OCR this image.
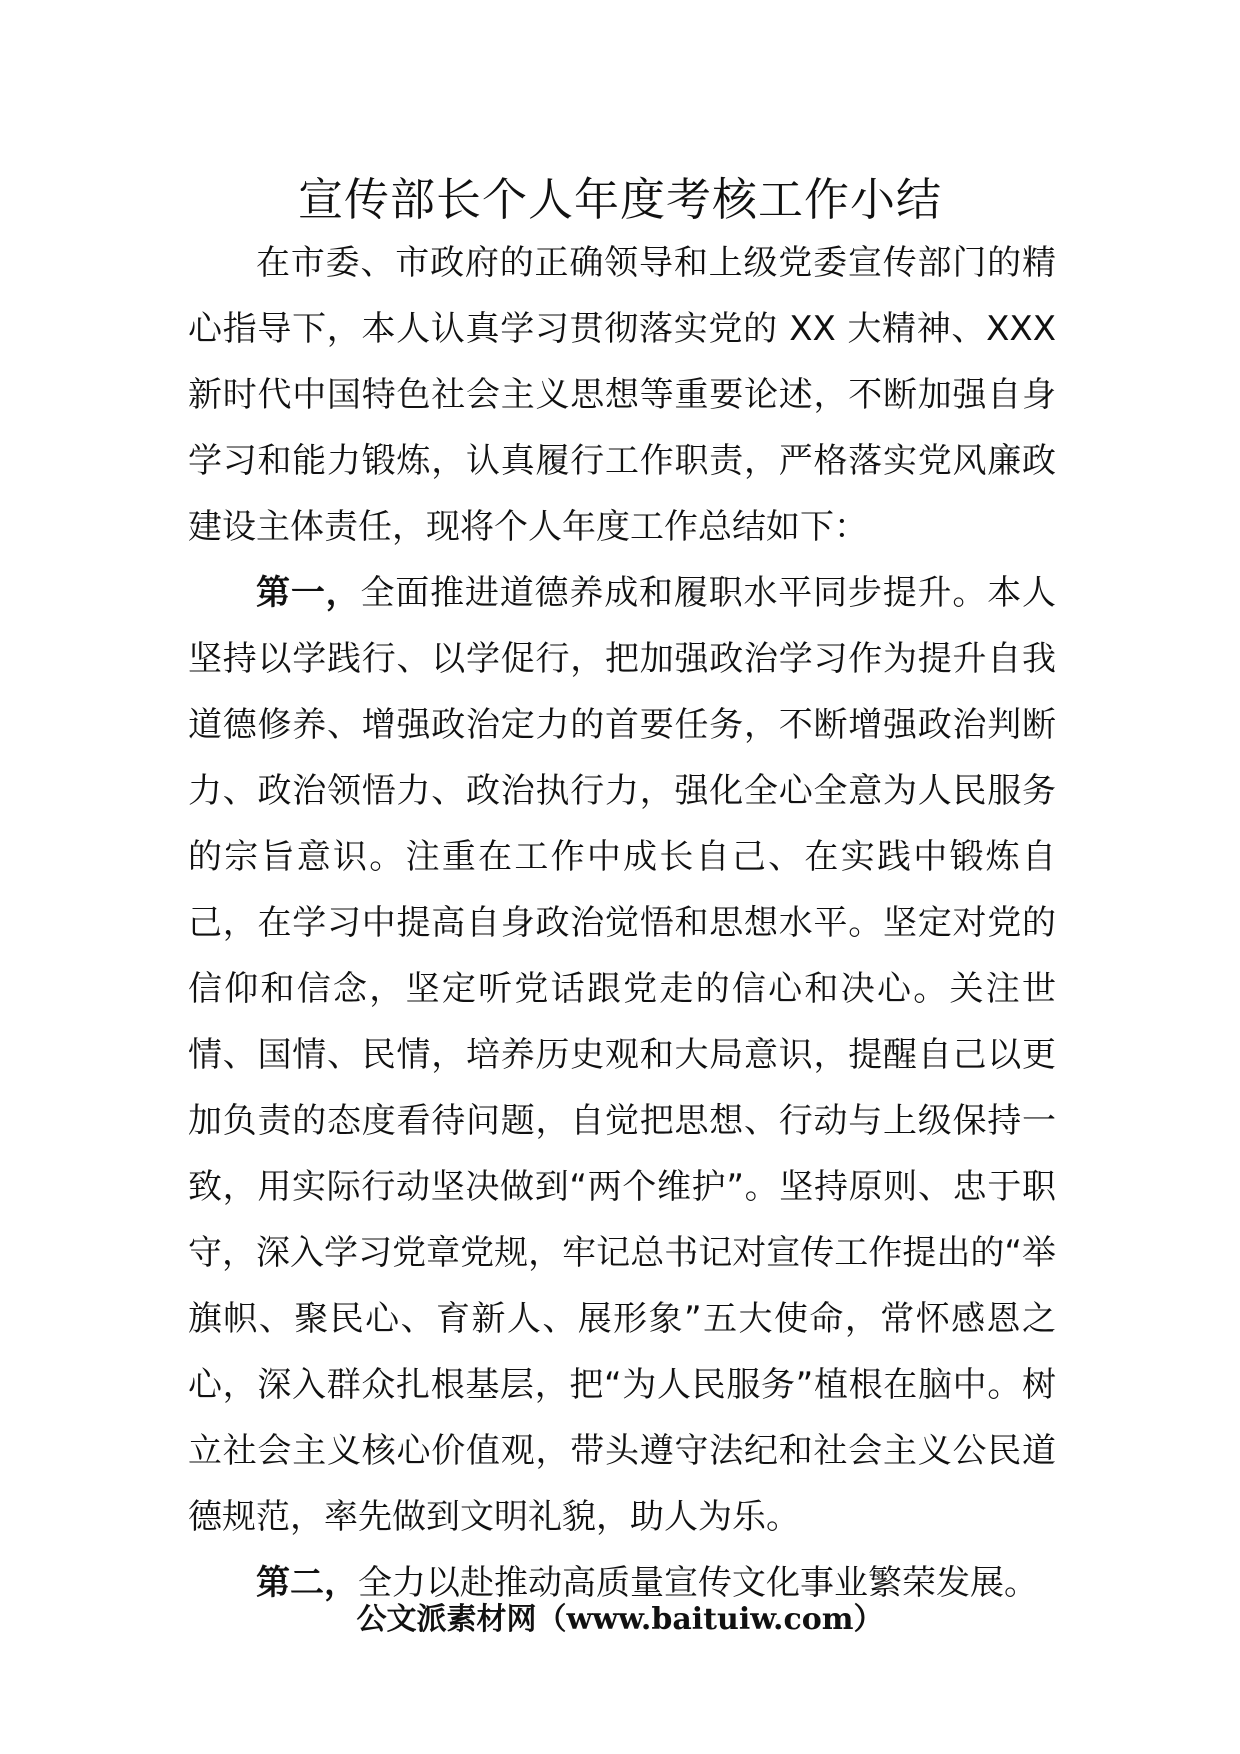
宣传部长个人年度考核工作小结

在市委、市政府的正确领导和上级党委宣传部门的精心指导下，本人认真学习贯彻落实党的 XX 大精神、XXX 新时代中国特色社会主义思想等重要论述，不断加强自身学习和能力锻炼，认真履行工作职责，严格落实党风廉政建设主体责任，现将个人年度工作总结如下：

第一，全面推进道德养成和履职水平同步提升。本人坚持以学践行、以学促行，把加强政治学习作为提升自我道德修养、增强政治定力的首要任务，不断增强政治判断力、政治领悟力、政治执行力，强化全心全意为人民服务的宗旨意识。注重在工作中成长自己、在实践中锻炼自己，在学习中提高自身政治觉悟和思想水平。坚定对党的信仰和信念，坚定听党话跟党走的信心和决心。关注世情、国情、民情，培养历史观和大局意识，提醒自己以更加负责的态度看待问题，自觉把思想、行动与上级保持一致，用实际行动坚决做到“两个维护”。坚持原则、忠于职守，深入学习党章党规，牢记总书记对宣传工作提出的“举旗帜、聚民心、育新人、展形象”五大使命，常怀感恩之心，深入群众扎根基层，把“为人民服务”植根在脑中。树立社会主义核心价值观，带头遵守法纪和社会主义公民道德规范，率先做到文明礼貌，助人为乐。

第二，全力以赴推动高质量宣传文化事业繁荣发展。

公文派素材网（www.baituiw.com）
